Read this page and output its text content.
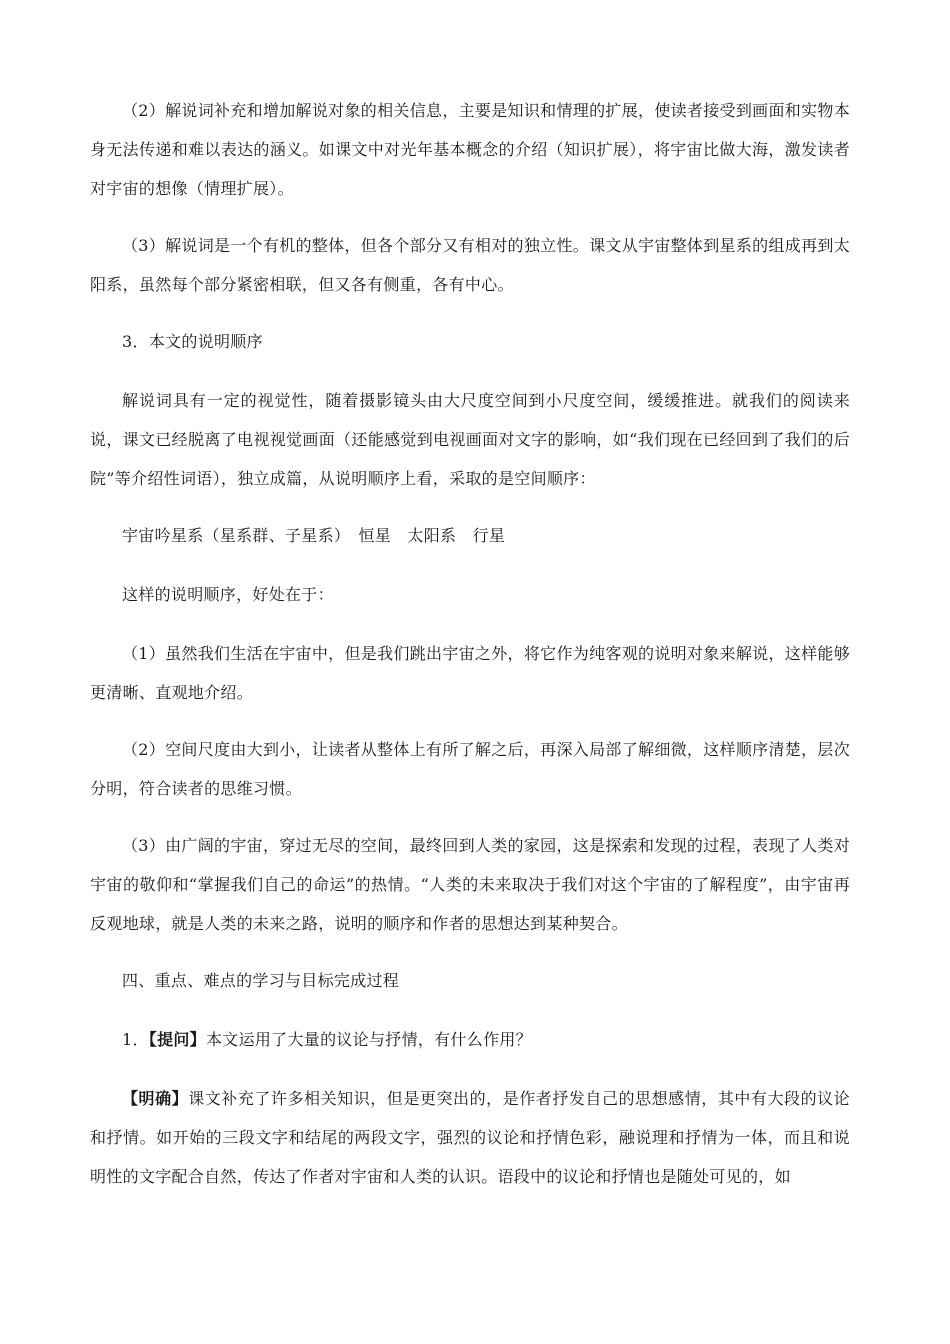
（2）解说词补充和增加解说对象的相关信息，主要是知识和情理的扩展，使读者接受到画面和实物本身无法传递和难以表达的涵义。如课文中对光年基本概念的介绍（知识扩展），将宇宙比做大海，激发读者对宇宙的想像（情理扩展）。

（3）解说词是一个有机的整体，但各个部分又有相对的独立性。课文从宇宙整体到星系的组成再到太阳系，虽然每个部分紧密相联，但又各有侧重，各有中心。

3．本文的说明顺序

解说词具有一定的视觉性，随着摄影镜头由大尺度空间到小尺度空间，缓缓推进。就我们的阅读来说，课文已经脱离了电视视觉画面（还能感觉到电视画面对文字的影响，如“我们现在已经回到了我们的后院”等介绍性词语），独立成篇，从说明顺序上看，采取的是空间顺序：

宇宙吟星系（星系群、子星系）　恒星　太阳系　行星

这样的说明顺序，好处在于：

（1）虽然我们生活在宇宙中，但是我们跳出宇宙之外，将它作为纯客观的说明对象来解说，这样能够更清晰、直观地介绍。

（2）空间尺度由大到小，让读者从整体上有所了解之后，再深入局部了解细微，这样顺序清楚，层次分明，符合读者的思维习惯。

（3）由广阔的宇宙，穿过无尽的空间，最终回到人类的家园，这是探索和发现的过程，表现了人类对宇宙的敬仰和“掌握我们自己的命运”的热情。“人类的未来取决于我们对这个宇宙的了解程度”，由宇宙再反观地球，就是人类的未来之路，说明的顺序和作者的思想达到某种契合。

四、重点、难点的学习与目标完成过程

1．【提问】本文运用了大量的议论与抒情，有什么作用？

【明确】课文补充了许多相关知识，但是更突出的，是作者抒发自己的思想感情，其中有大段的议论和抒情。如开始的三段文字和结尾的两段文字，强烈的议论和抒情色彩，融说理和抒情为一体，而且和说明性的文字配合自然，传达了作者对宇宙和人类的认识。语段中的议论和抒情也是随处可见的，如
